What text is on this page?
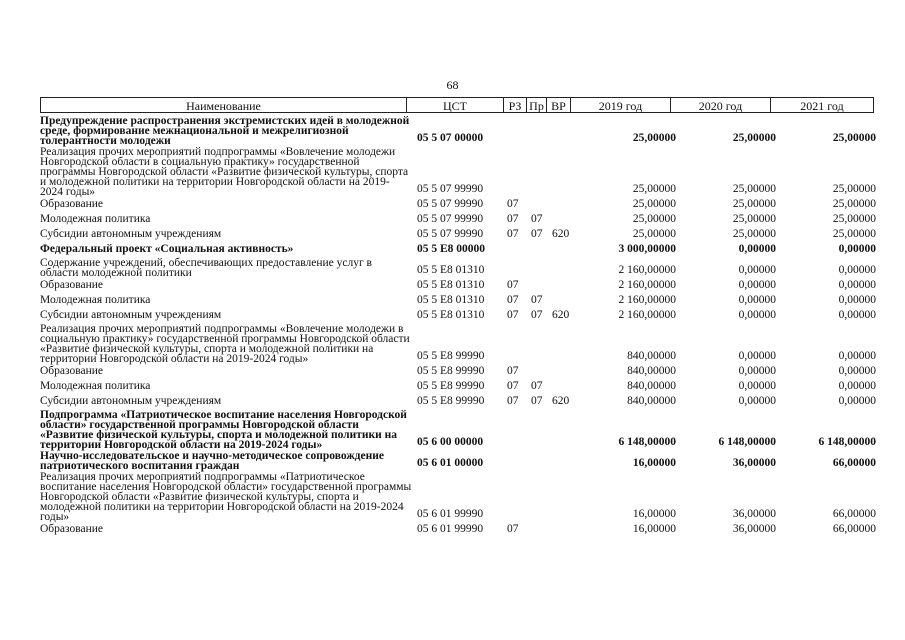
68
Наименование	ЦСТ	РЗ Пр ВР	2019 год	2020 год	2021 год
Предупреждение распространения экстремистских идей в молодежной среде, формирование межнациональной и межрелигиозной толерантности молодежи	05 5 07 00000	25,00000	25,00000	25,00000
Реализация прочих мероприятий подпрограммы «Вовлечение молодежи Новгородской области в социальную практику» государственной программы Новгородской области «Развитие физической культуры, спорта и молодежной политики на территории Новгородской области на 2019-2024 годы»	05 5 07 99990	25,00000	25,00000	25,00000
Образование	05 5 07 99990 07	25,00000	25,00000	25,00000
Молодежная политика	05 5 07 99990 07 07	25,00000	25,00000	25,00000
Субсидии автономным учреждениям	05 5 07 99990 07 07 620	25,00000	25,00000	25,00000
Федеральный проект «Социальная активность»	05 5 E8 00000	3 000,00000	0,00000	0,00000
Содержание учреждений, обеспечивающих предоставление услуг в области молодежной политики	05 5 E8 01310	2 160,00000	0,00000	0,00000
Образование	05 5 E8 01310 07	2 160,00000	0,00000	0,00000
Молодежная политика	05 5 E8 01310 07 07	2 160,00000	0,00000	0,00000
Субсидии автономным учреждениям	05 5 E8 01310 07 07 620	2 160,00000	0,00000	0,00000
Реализация прочих мероприятий подпрограммы «Вовлечение молодежи в социальную практику» государственной программы Новгородской области «Развитие физической культуры, спорта и молодежной политики на территории Новгородской области на 2019-2024 годы»	05 5 E8 99990	840,00000	0,00000	0,00000
Образование	05 5 E8 99990 07	840,00000	0,00000	0,00000
Молодежная политика	05 5 E8 99990 07 07	840,00000	0,00000	0,00000
Субсидии автономным учреждениям	05 5 E8 99990 07 07 620	840,00000	0,00000	0,00000
Подпрограмма «Патриотическое воспитание населения Новгородской области» государственной программы Новгородской области «Развитие физической культуры, спорта и молодежной политики на территории Новгородской области на 2019-2024 годы»	05 6 00 00000	6 148,00000	6 148,00000	6 148,00000
Научно-исследовательское и научно-методическое сопровождение патриотического воспитания граждан	05 6 01 00000	16,00000	36,00000	66,00000
Реализация прочих мероприятий подпрограммы «Патриотическое воспитание населения Новгородской области» государственной программы Новгородской области «Развитие физической культуры, спорта и молодежной политики на территории Новгородской области на 2019-2024 годы»	05 6 01 99990	16,00000	36,00000	66,00000
Образование	05 6 01 99990 07	16,00000	36,00000	66,00000
